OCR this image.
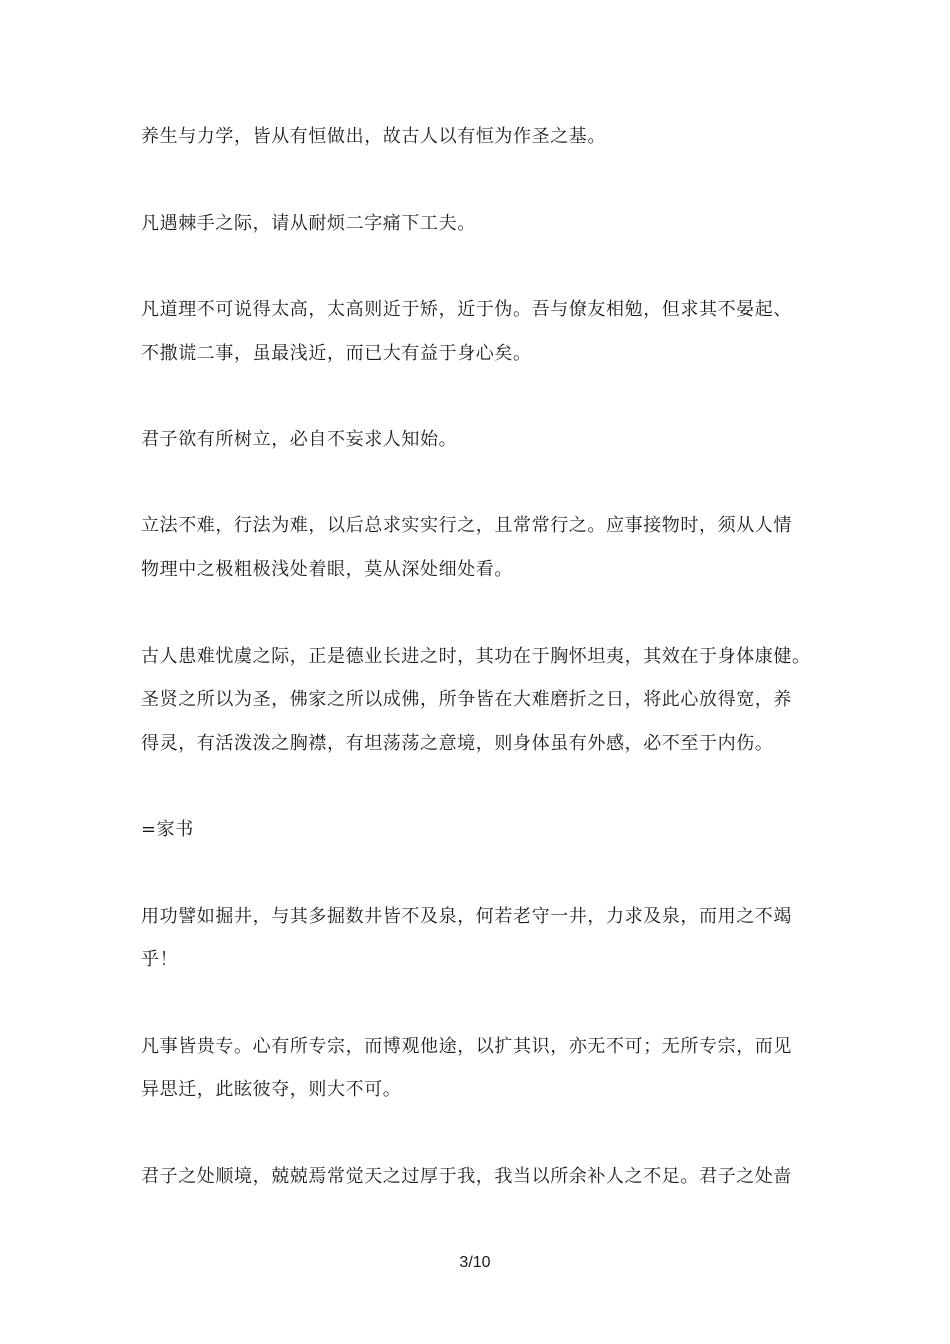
养生与力学，皆从有恒做出，故古人以有恒为作圣之基。

凡遇棘手之际，请从耐烦二字痛下工夫。

凡道理不可说得太高，太高则近于矫，近于伪。吾与僚友相勉，但求其不晏起、

不撒谎二事，虽最浅近，而已大有益于身心矣。

君子欲有所树立，必自不妄求人知始。

立法不难，行法为难，以后总求实实行之，且常常行之。应事接物时，须从人情

物理中之极粗极浅处着眼，莫从深处细处看。

古人患难忧虞之际，正是德业长进之时，其功在于胸怀坦夷，其效在于身体康健。

圣贤之所以为圣，佛家之所以成佛，所争皆在大难磨折之日，将此心放得宽，养

得灵，有活泼泼之胸襟，有坦荡荡之意境，则身体虽有外感，必不至于内伤。

=家书

用功譬如掘井，与其多掘数井皆不及泉，何若老守一井，力求及泉，而用之不竭

乎！

凡事皆贵专。心有所专宗，而博观他途，以扩其识，亦无不可；无所专宗，而见

异思迁，此眩彼夺，则大不可。

君子之处顺境，兢兢焉常觉天之过厚于我，我当以所余补人之不足。君子之处啬

3/10
